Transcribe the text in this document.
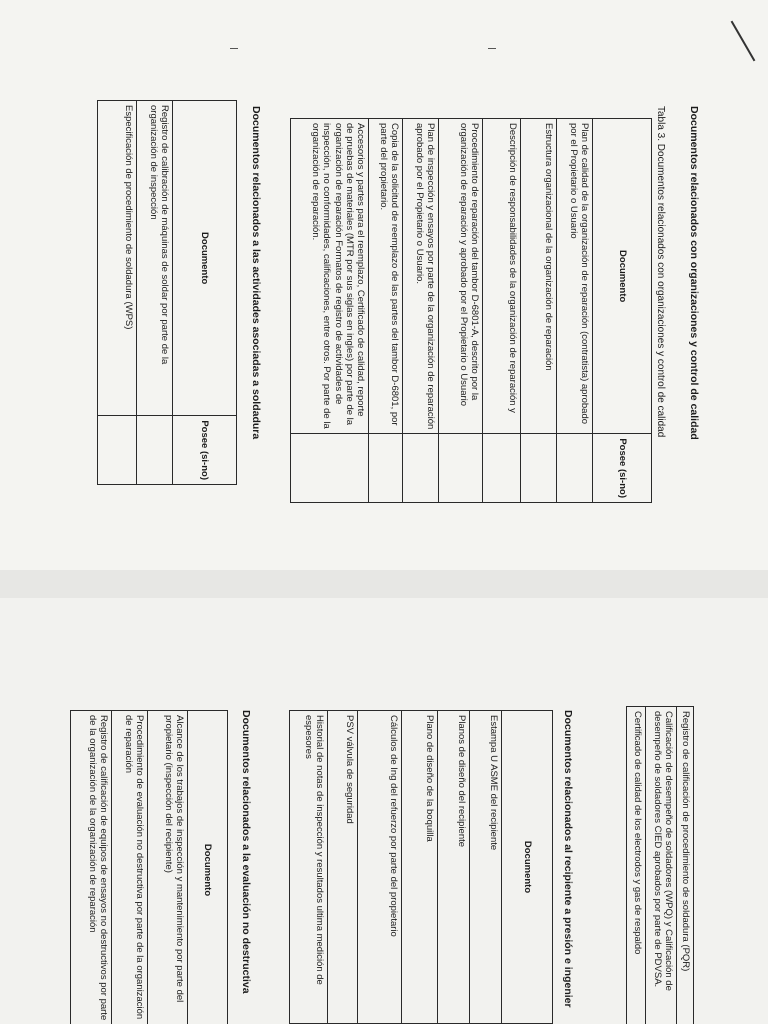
Documentos relacionados con organizaciones y control de calidad
Tabla 3. Documentos relacionados con organizaciones y control de calidad
Documento	Posee (si-no)
Plan de calidad de la organización de reparación (contratista) aprobado por el Propietario o Usuario	
Estructura organizacional de la organización de reparación	
Descripción de responsabilidades de la organización de reparación y	
Procedimiento de reparación del tambor D-6801-A, descrito por la organización de reparación y aprobado por el Propietario o Usuario	
Plan de inspección y ensayos por parte de la organización de reparación aprobado por el Propietario o Usuario.	
Copia de la solicitud de reemplazo de las partes del tambor D-6801, por parte del propietario.	
Accesorios y partes para el reemplazo, Certificado de calidad, reporte de pruebas de materiales (MTR por sus siglas en ingles) por parte de la organización de reparación Formatos de registro de actividades de inspección, no conformidades, calificaciones, entre otros. Por parte de la organización de reparación.	
Documentos relacionados a las actividades asociadas a soldadura
Documento	Posee (si-no)
Registro de calibración de máquinas de soldar por parte de la organización de inspección	
Especificación de procedimiento de soldadura (WPS)	
Registro de calificación de procedimiento de soldadura (PQR)
Calificación de desempeño de soldadores (WPQ) y Calificación de desempeño de soldadores CIED aprobados por parte de PDVSA.
Certificado de calidad de los electrodos y gas de respaldo
Documentos relacionados al recipiente a presión e ingenier
Documento
Estampa U ASME del recipiente
Planos de diseño del recipiente
Plano de diseño de la boquilla
Cálculos de Ing del refuerzo por parte del propietario
PSV válvula de seguridad
Historial de notas de inspección y resultados ultima medición de espesores
Documentos relacionados a la evaluación no destructiva
Documento
Alcance de los trabajos de inspección y mantenimiento por parte del propietario (inspección del recipiente)
Procedimiento de evaluación no destructiva por parte de la organización de reparación
Registro de calificación de equipos de ensayos no destructivos por parte de la organización de la organización de reparación
